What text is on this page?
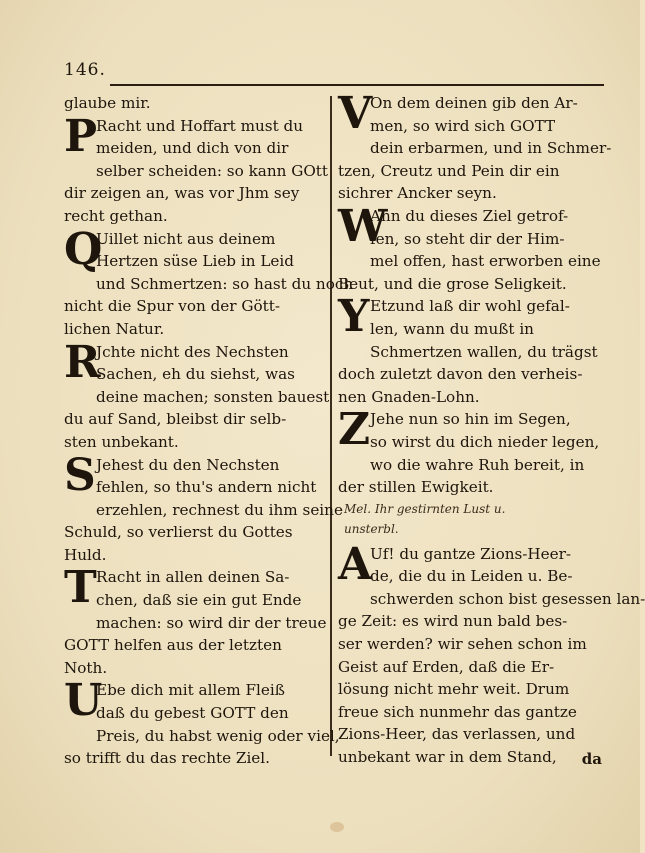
146.
glaube mir.
P
Racht und Hoffart must du
meiden, und dich von dir
selber scheiden: so kann GOtt
dir zeigen an, was vor Jhm sey
recht gethan.
Q
Uillet nicht aus deinem
Hertzen süse Lieb in Leid
und Schmertzen: so hast du noch
nicht die Spur von der Gött-
lichen Natur.
R
Jchte nicht des Nechsten
Sachen, eh du siehst, was
deine machen; sonsten bauest
du auf Sand, bleibst dir selb-
sten unbekant.
S Jehest du den Nechsten
fehlen, so thu's andern nicht
erzehlen, rechnest du ihm seine
Schuld, so verlierst du Gottes
Huld.
T Racht in allen deinen Sa-
chen, daß sie ein gut Ende
machen: so wird dir der treue
GOTT helfen aus der letzten
Noth.
U
Ebe dich mit allem Fleiß
daß du gebest GOTT den
Preis, du habst wenig oder viel,
so trifft du das rechte Ziel.
V
On dem deinen gib den Ar-
men, so wird sich GOTT
dein erbarmen, und in Schmer-
tzen, Creutz und Pein dir ein
sichrer Ancker seyn.
W
Ann du dieses Ziel getrof-
fen, so steht dir der Him-
mel offen, hast erworben eine
Beut, und die grose Seligkeit.
Y Etzund laß dir wohl gefal-
len, wann du mußt in
Schmertzen wallen, du trägst
doch zuletzt davon den verheis-
nen Gnaden-Lohn.
Z Jehe nun so hin im Segen,
so wirst du dich nieder legen,
wo die wahre Ruh bereit, in
der stillen Ewigkeit.
Mel. Ihr gestirnten Lust u.
unsterbl.
A
Uf! du gantze Zions-Heer-
de, die du in Leiden u. Be-
schwerden schon bist gesessen lan-
ge Zeit: es wird nun bald bes-
ser werden? wir sehen schon im
Geist auf Erden, daß die Er-
lösung nicht mehr weit. Drum
freue sich nunmehr das gantze
Zions-Heer, das verlassen, und
unbekant war in dem Stand,	da
